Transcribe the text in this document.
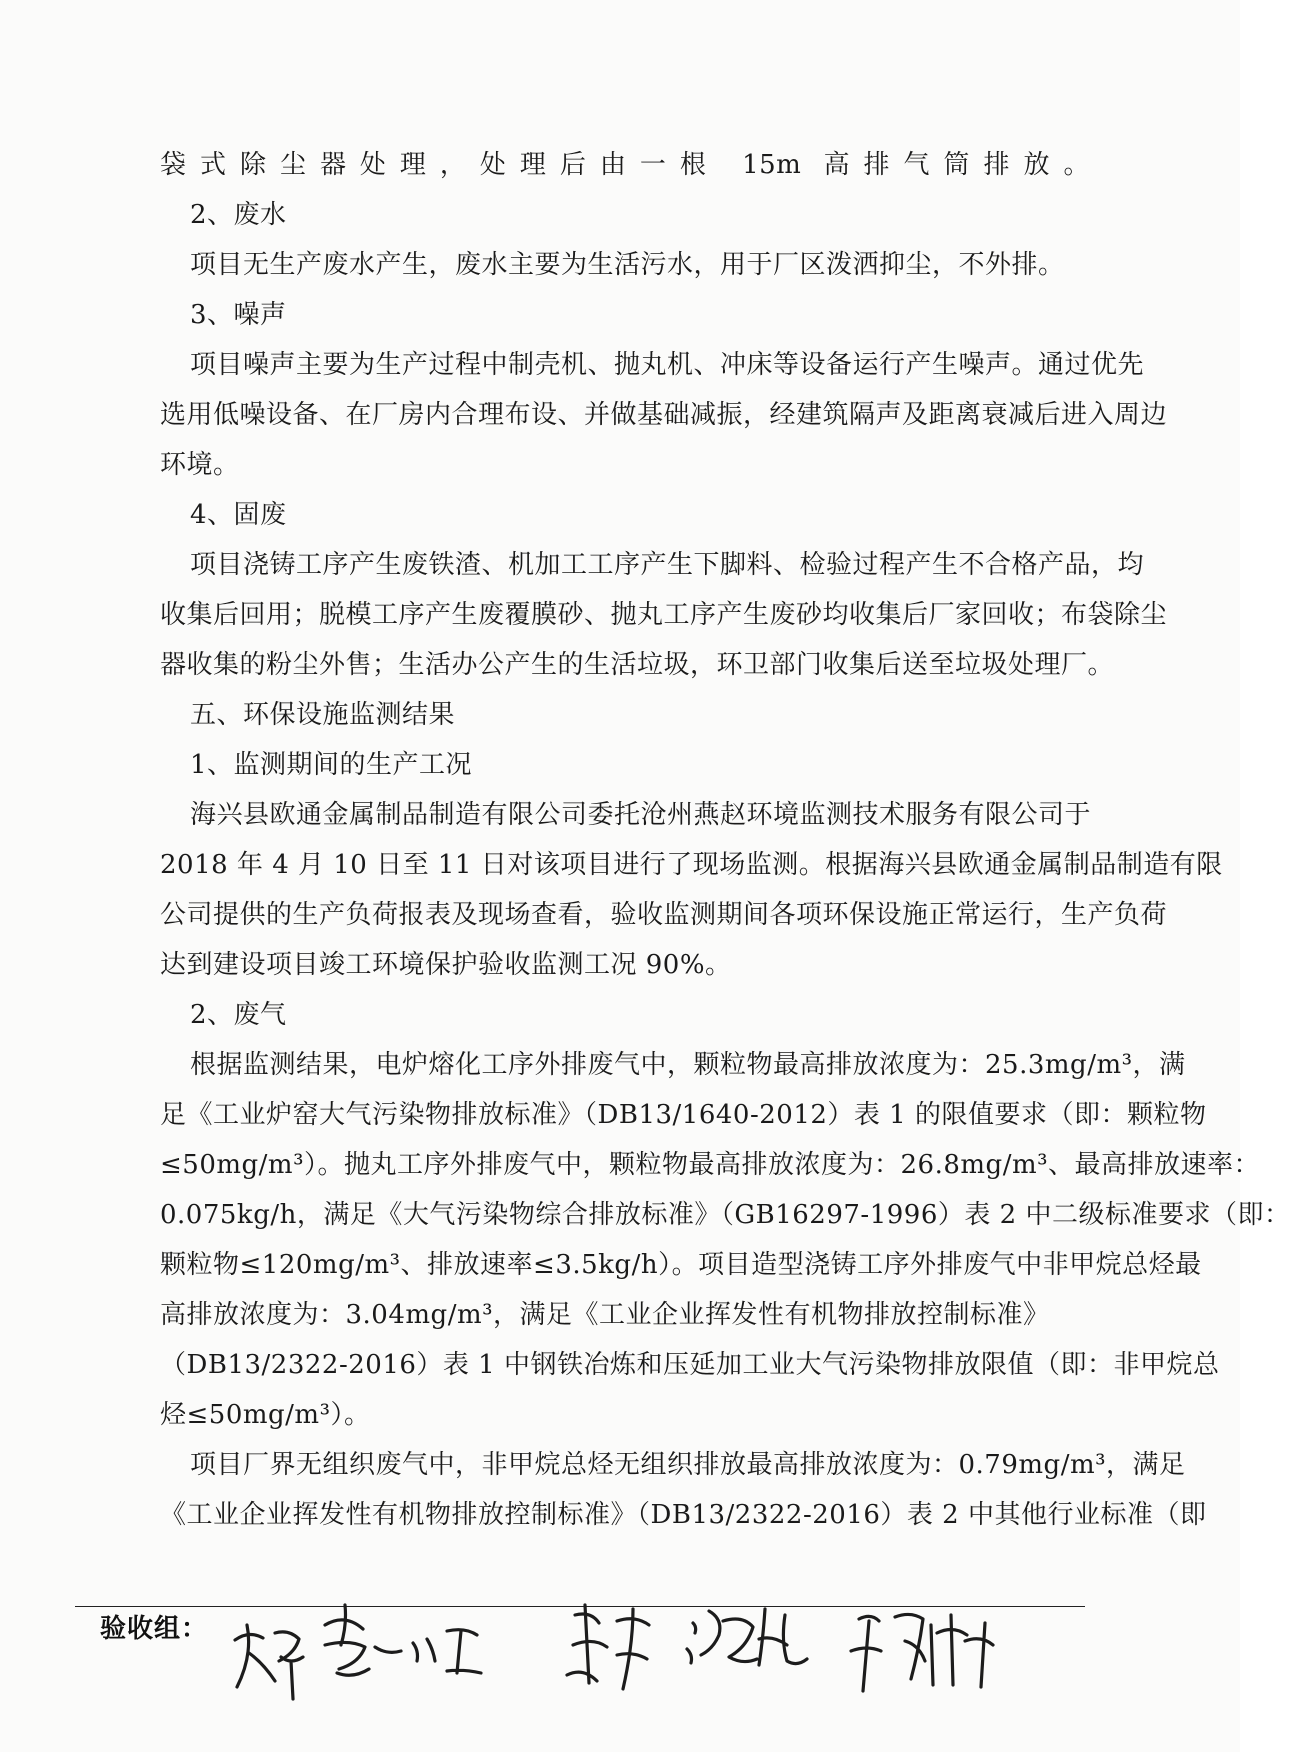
袋式除尘器处理，处理后由一根 15m 高排气筒排放。
2、废水
项目无生产废水产生，废水主要为生活污水，用于厂区泼洒抑尘，不外排。
3、噪声
项目噪声主要为生产过程中制壳机、抛丸机、冲床等设备运行产生噪声。通过优先
选用低噪设备、在厂房内合理布设、并做基础减振，经建筑隔声及距离衰减后进入周边
环境。
4、固废
项目浇铸工序产生废铁渣、机加工工序产生下脚料、检验过程产生不合格产品，均
收集后回用；脱模工序产生废覆膜砂、抛丸工序产生废砂均收集后厂家回收；布袋除尘
器收集的粉尘外售；生活办公产生的生活垃圾，环卫部门收集后送至垃圾处理厂。
五、环保设施监测结果
1、监测期间的生产工况
海兴县欧通金属制品制造有限公司委托沧州燕赵环境监测技术服务有限公司于
2018 年 4 月 10 日至 11 日对该项目进行了现场监测。根据海兴县欧通金属制品制造有限
公司提供的生产负荷报表及现场查看，验收监测期间各项环保设施正常运行，生产负荷
达到建设项目竣工环境保护验收监测工况 90%。
2、废气
根据监测结果，电炉熔化工序外排废气中，颗粒物最高排放浓度为：25.3mg/m³，满
足《工业炉窑大气污染物排放标准》（DB13/1640-2012）表 1 的限值要求（即：颗粒物
≤50mg/m³）。抛丸工序外排废气中，颗粒物最高排放浓度为：26.8mg/m³、最高排放速率：
0.075kg/h，满足《大气污染物综合排放标准》（GB16297-1996）表 2 中二级标准要求（即：
颗粒物≤120mg/m³、排放速率≤3.5kg/h）。项目造型浇铸工序外排废气中非甲烷总烃最
高排放浓度为：3.04mg/m³，满足《工业企业挥发性有机物排放控制标准》
（DB13/2322-2016）表 1 中钢铁冶炼和压延加工业大气污染物排放限值（即：非甲烷总
烃≤50mg/m³）。
项目厂界无组织废气中，非甲烷总烃无组织排放最高排放浓度为：0.79mg/m³，满足
《工业企业挥发性有机物排放控制标准》（DB13/2322-2016）表 2 中其他行业标准（即
验收组：
